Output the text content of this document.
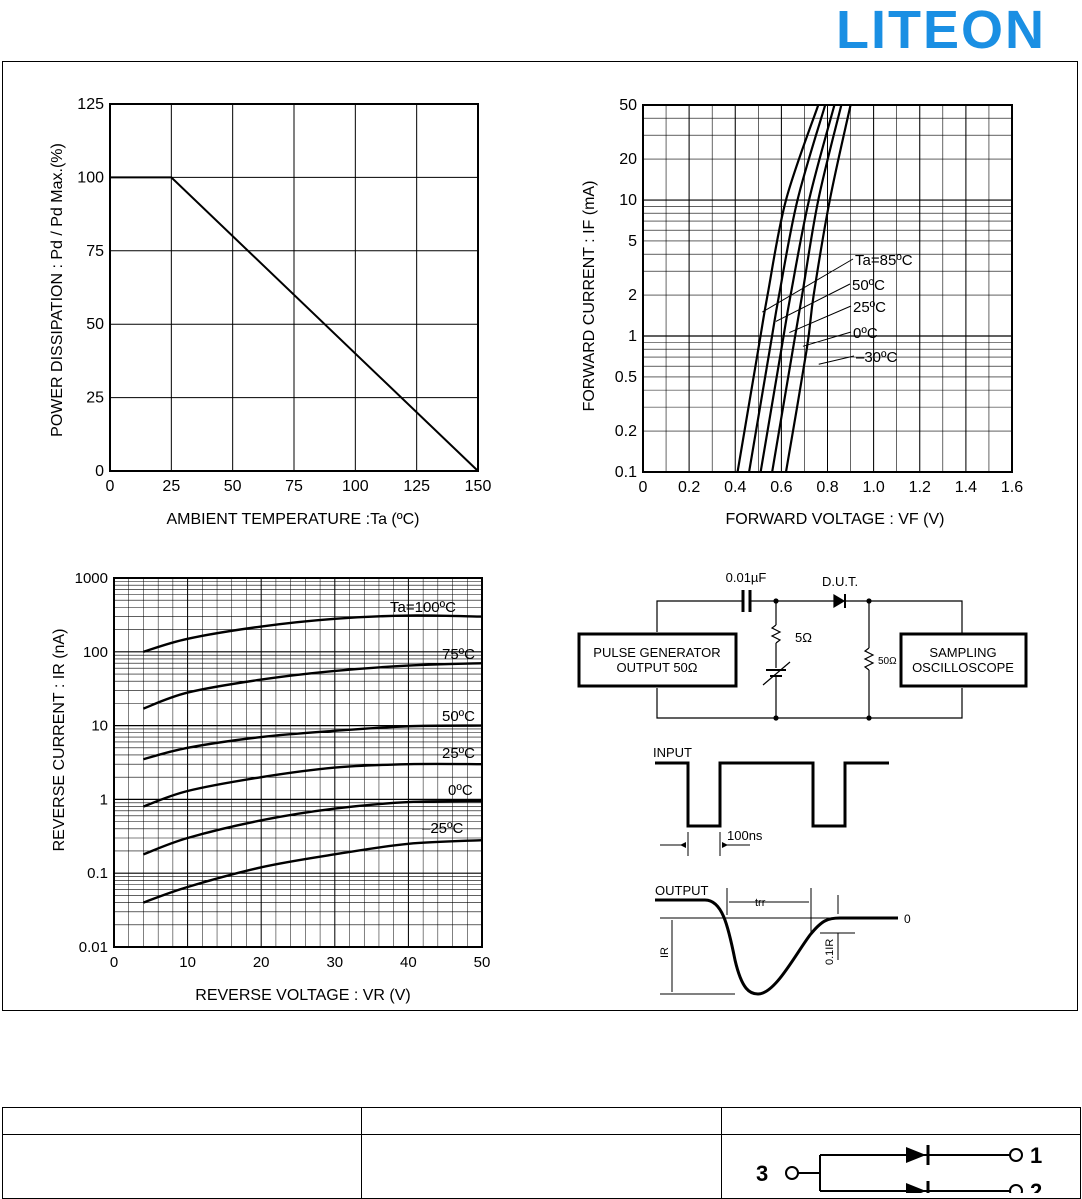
LITEON
0	25	50	75 100 125 150
0
25
50
75
100
125
AMBIENT TEMPERATURE :Ta (ºC)
POWER DISSIPATION : Pd / Pd Max.(%)
0 0.2 0.4 0.6 0.8 1.0 1.2 1.4 1.6
0.1
0.2
0.5
1
2
5
10
20
50
Ta=85ºC
50ºC
25ºC
0ºC
–30ºC
FORWARD VOLTAGE : VF (V)
FORWARD CURRENT : IF (mA)
0	10	20	30	40	50
0.01
0.1
1
10
100
1000
Ta=100ºC
75ºC
50ºC
25ºC
0ºC
–25ºC
REVERSE VOLTAGE : VR (V)
REVERSE CURRENT : IR (nA)
0.01µF	D.U.T.
5Ω
50Ω
PULSE GENERATOR
OUTPUT 50Ω
SAMPLING
OSCILLOSCOPE
INPUT
100ns
OUTPUT
trr
IR	0.1IR
0

3
1
2
